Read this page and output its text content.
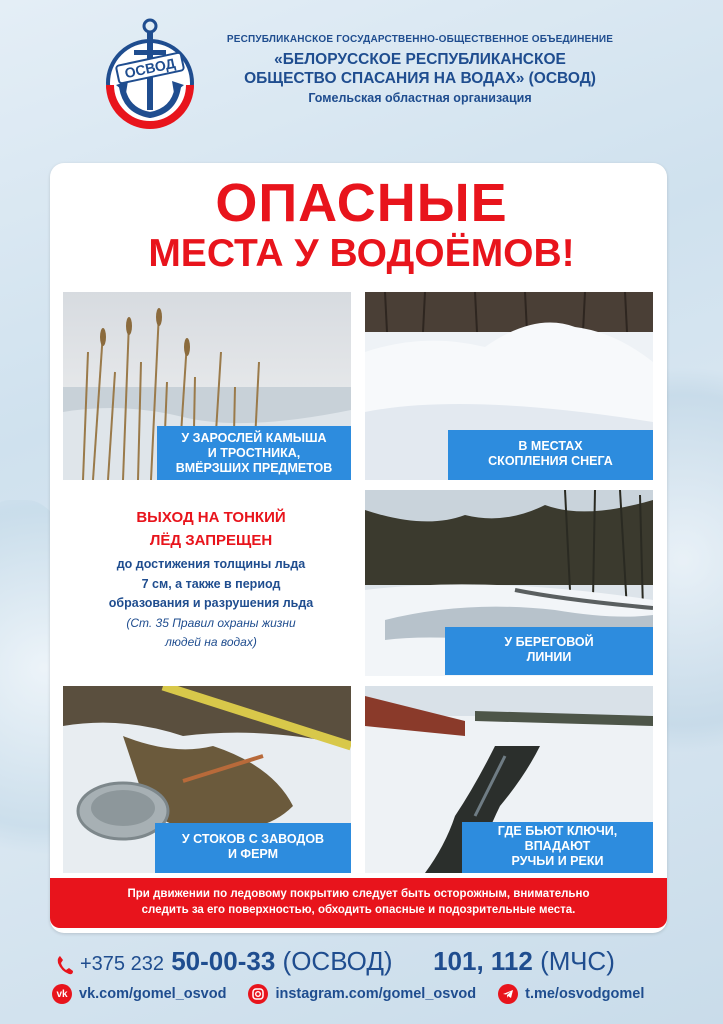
ОСВОД
РЕСПУБЛИКАНСКОЕ ГОСУДАРСТВЕННО-ОБЩЕСТВЕННОЕ ОБЪЕДИНЕНИЕ
«БЕЛОРУССКОЕ РЕСПУБЛИКАНСКОЕ
ОБЩЕСТВО СПАСАНИЯ НА ВОДАХ» (ОСВОД)
Гомельская областная организация
ОПАСНЫЕ
МЕСТА У ВОДОЁМОВ!
У ЗАРОСЛЕЙ КАМЫША
И ТРОСТНИКА,
ВМЁРЗШИХ ПРЕДМЕТОВ
В МЕСТАХ
СКОПЛЕНИЯ СНЕГА
ВЫХОД НА ТОНКИЙ
ЛЁД ЗАПРЕЩЕН
до достижения толщины льда
7 см, а также в период
образования и разрушения льда
(Ст. 35 Правил охраны жизни
людей на водах)	У БЕРЕГОВОЙ
ЛИНИИ
У СТОКОВ С ЗАВОДОВ
И ФЕРМ
ГДЕ БЬЮТ КЛЮЧИ,
ВПАДАЮТ
РУЧЬИ И РЕКИ
При движении по ледовому покрытию следует быть осторожным, внимательно
следить за его поверхностью, обходить опасные и подозрительные места.
+375 232 50-00-33 (ОСВОД) 101, 112 (МЧС)
vk vk.com/gomel_osvod	instagram.com/gomel_osvod	t.me/osvodgomel
